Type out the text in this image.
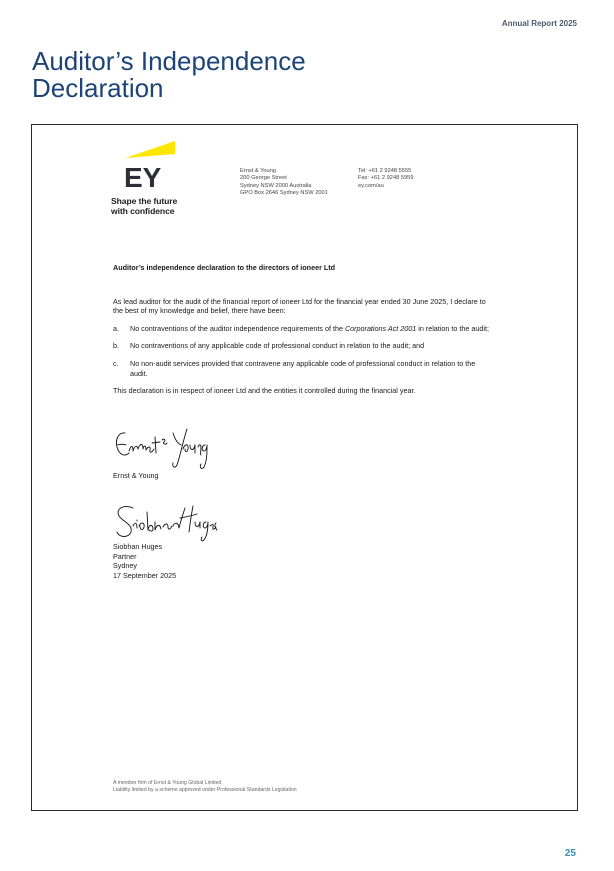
Annual Report 2025
Auditor’s Independence
Declaration
EY
Shape the future
with confidence
Ernst & Young
200 George Street
Sydney NSW 2000 Australia
GPO Box 2646 Sydney NSW 2001
Tel: +61 2 9248 5555
Fax: +61 2 9248 5959
ey.com/au

Auditor’s independence declaration to the directors of ioneer Ltd

As lead auditor for the audit of the financial report of ioneer Ltd for the financial year ended 30 June 2025, I declare to the best of my knowledge and belief, there have been:

a. No contraventions of the auditor independence requirements of the Corporations Act 2001 in relation to the audit;
b. No contraventions of any applicable code of professional conduct in relation to the audit; and
c. No non-audit services provided that contravene any applicable code of professional conduct in relation to the audit.

This declaration is in respect of ioneer Ltd and the entities it controlled during the financial year.

Ernst & Young
Siobhan Huges
Partner
Sydney
17 September 2025
A member firm of Ernst & Young Global Limited
Liability limited by a scheme approved under Professional Standards Legislation
25
